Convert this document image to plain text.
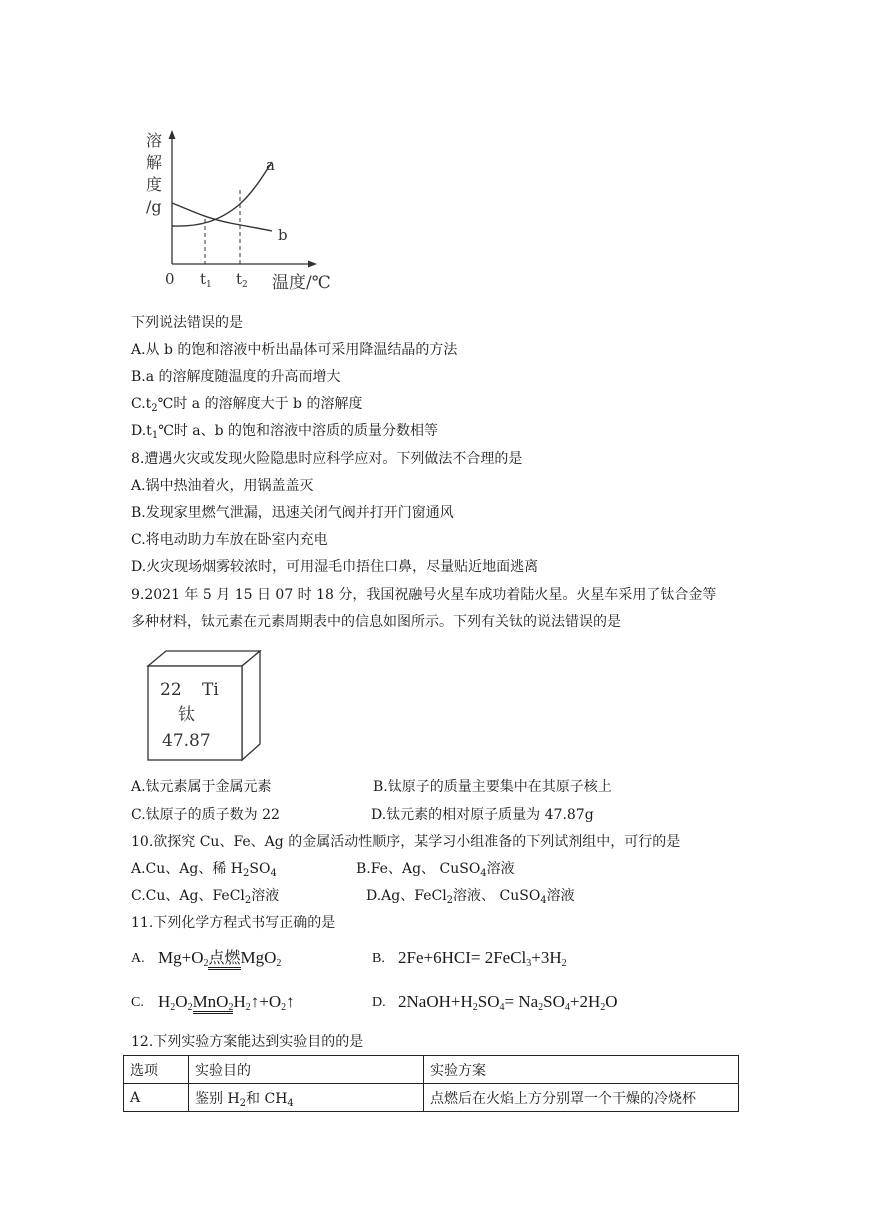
溶
解
度
/g
a
b
0 $t_1$ $t_2$ 温度/℃
下列说法错误的是
A.从 b 的饱和溶液中析出晶体可采用降温结晶的方法
B.a 的溶解度随温度的升高而增大
$C.t_2℃$时 a 的溶解度大于 b 的溶解度
$D.t_1℃$时 a、b 的饱和溶液中溶质的质量分数相等
8.遭遇火灾或发现火险隐患时应科学应对。下列做法不合理的是
A.锅中热油着火，用锅盖盖灭
B.发现家里燃气泄漏，迅速关闭气阀并打开门窗通风
C.将电动助力车放在卧室内充电
D.火灾现场烟雾较浓时，可用湿毛巾捂住口鼻，尽量贴近地面逃离
9.2021 年 5 月 15 日 07 时 18 分，我国祝融号火星车成功着陆火星。火星车采用了钛合金等
多种材料，钛元素在元素周期表中的信息如图所示。下列有关钛的说法错误的是
22 Ti
钛
47.87
A.钛元素属于金属元素	B.钛原子的质量主要集中在其原子核上
C.钛原子的质子数为 22	D.钛元素的相对原子质量为 47.87g
10.欲探究 Cu、Fe、Ag 的金属活动性顺序，某学习小组准备的下列试剂组中，可行的是
A.Cu、Ag、稀 $H_2SO_4$	B.Fe、Ag、 CuSO$_4$溶液
C.Cu、Ag、FeCl$_2$溶液	D.Ag、FeCl$_2$溶液、 CuSO$_4$溶液
11.下列化学方程式书写正确的是
A. $Mg+O_2$点燃MgO$_2$	B. $2Fe+6HCI= 2FeCl_3+3H_2$
C. $H_2O_2MnO_2H_2↑+O_2↑$	D. $2NaOH+H_2SO_4= Na_2SO_4+2H_2O$
12.下列实验方案能达到实验目的的是
选项	实验目的	实验方案
A	鉴别 $H_2$和 $CH_4$	点燃后在火焰上方分别罩一个干燥的冷烧杯
